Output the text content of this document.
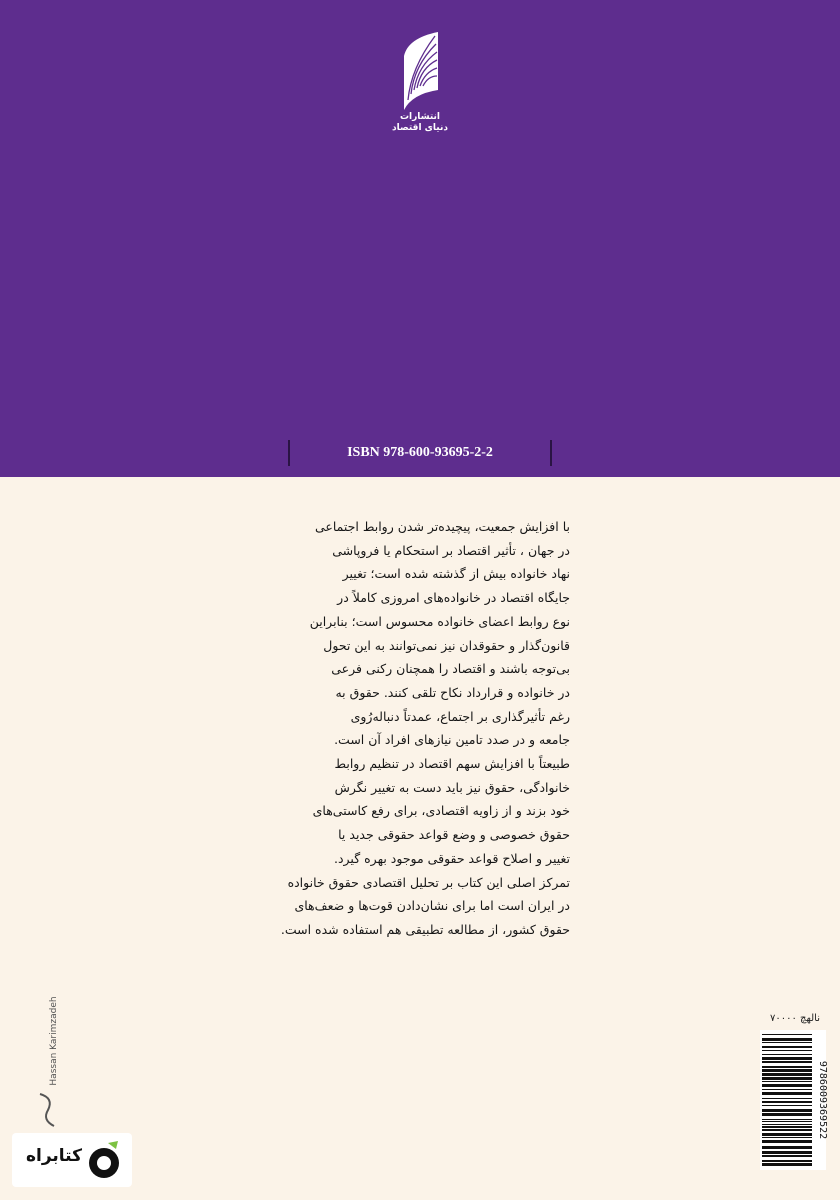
انتشارات
دنیای اقتصاد
ISBN 978-600-93695-2-2
با افزایش جمعیت، پیچیده‌تر شدن روابط اجتماعی
در جهان ، تأثیر اقتصاد بر استحکام یا فروپاشی
نهاد خانواده بیش از گذشته شده است؛ تغییر
جایگاه اقتصاد در خانواده‌های امروزی کاملاً در
نوع روابط اعضای خانواده محسوس است؛ بنابراین
قانون‌گذار و حقوقدان نیز نمی‌توانند به این تحول
بی‌توجه باشند و اقتصاد را همچنان رکنی فرعی
در خانواده و قرارداد نکاح تلقی کنند. حقوق به
رغم تأثیرگذاری بر اجتماع، عمدتاً دنباله‌رُوی
جامعه و در صدد تامین نیازهای افراد آن است.
طبیعتاً با افزایش سهم اقتصاد در تنظیم روابط
خانوادگی، حقوق نیز باید دست به تغییر نگرش
خود بزند و از زاویه اقتصادی، برای رفع کاستی‌های
حقوق خصوصی و وضع قواعد حقوقی جدید یا
تغییر و اصلاح قواعد حقوقی موجود بهره گیرد.
تمرکز اصلی این کتاب بر تحلیل اقتصادی حقوق خانواده
در ایران است اما برای نشان‌دادن قوت‌ها و ضعف‌های
حقوق کشور، از مطالعه تطبیقی هم استفاده شده است.
نالهچ ۷۰۰۰۰
9786009369522
Hassan Karimzadeh
کتابراه
